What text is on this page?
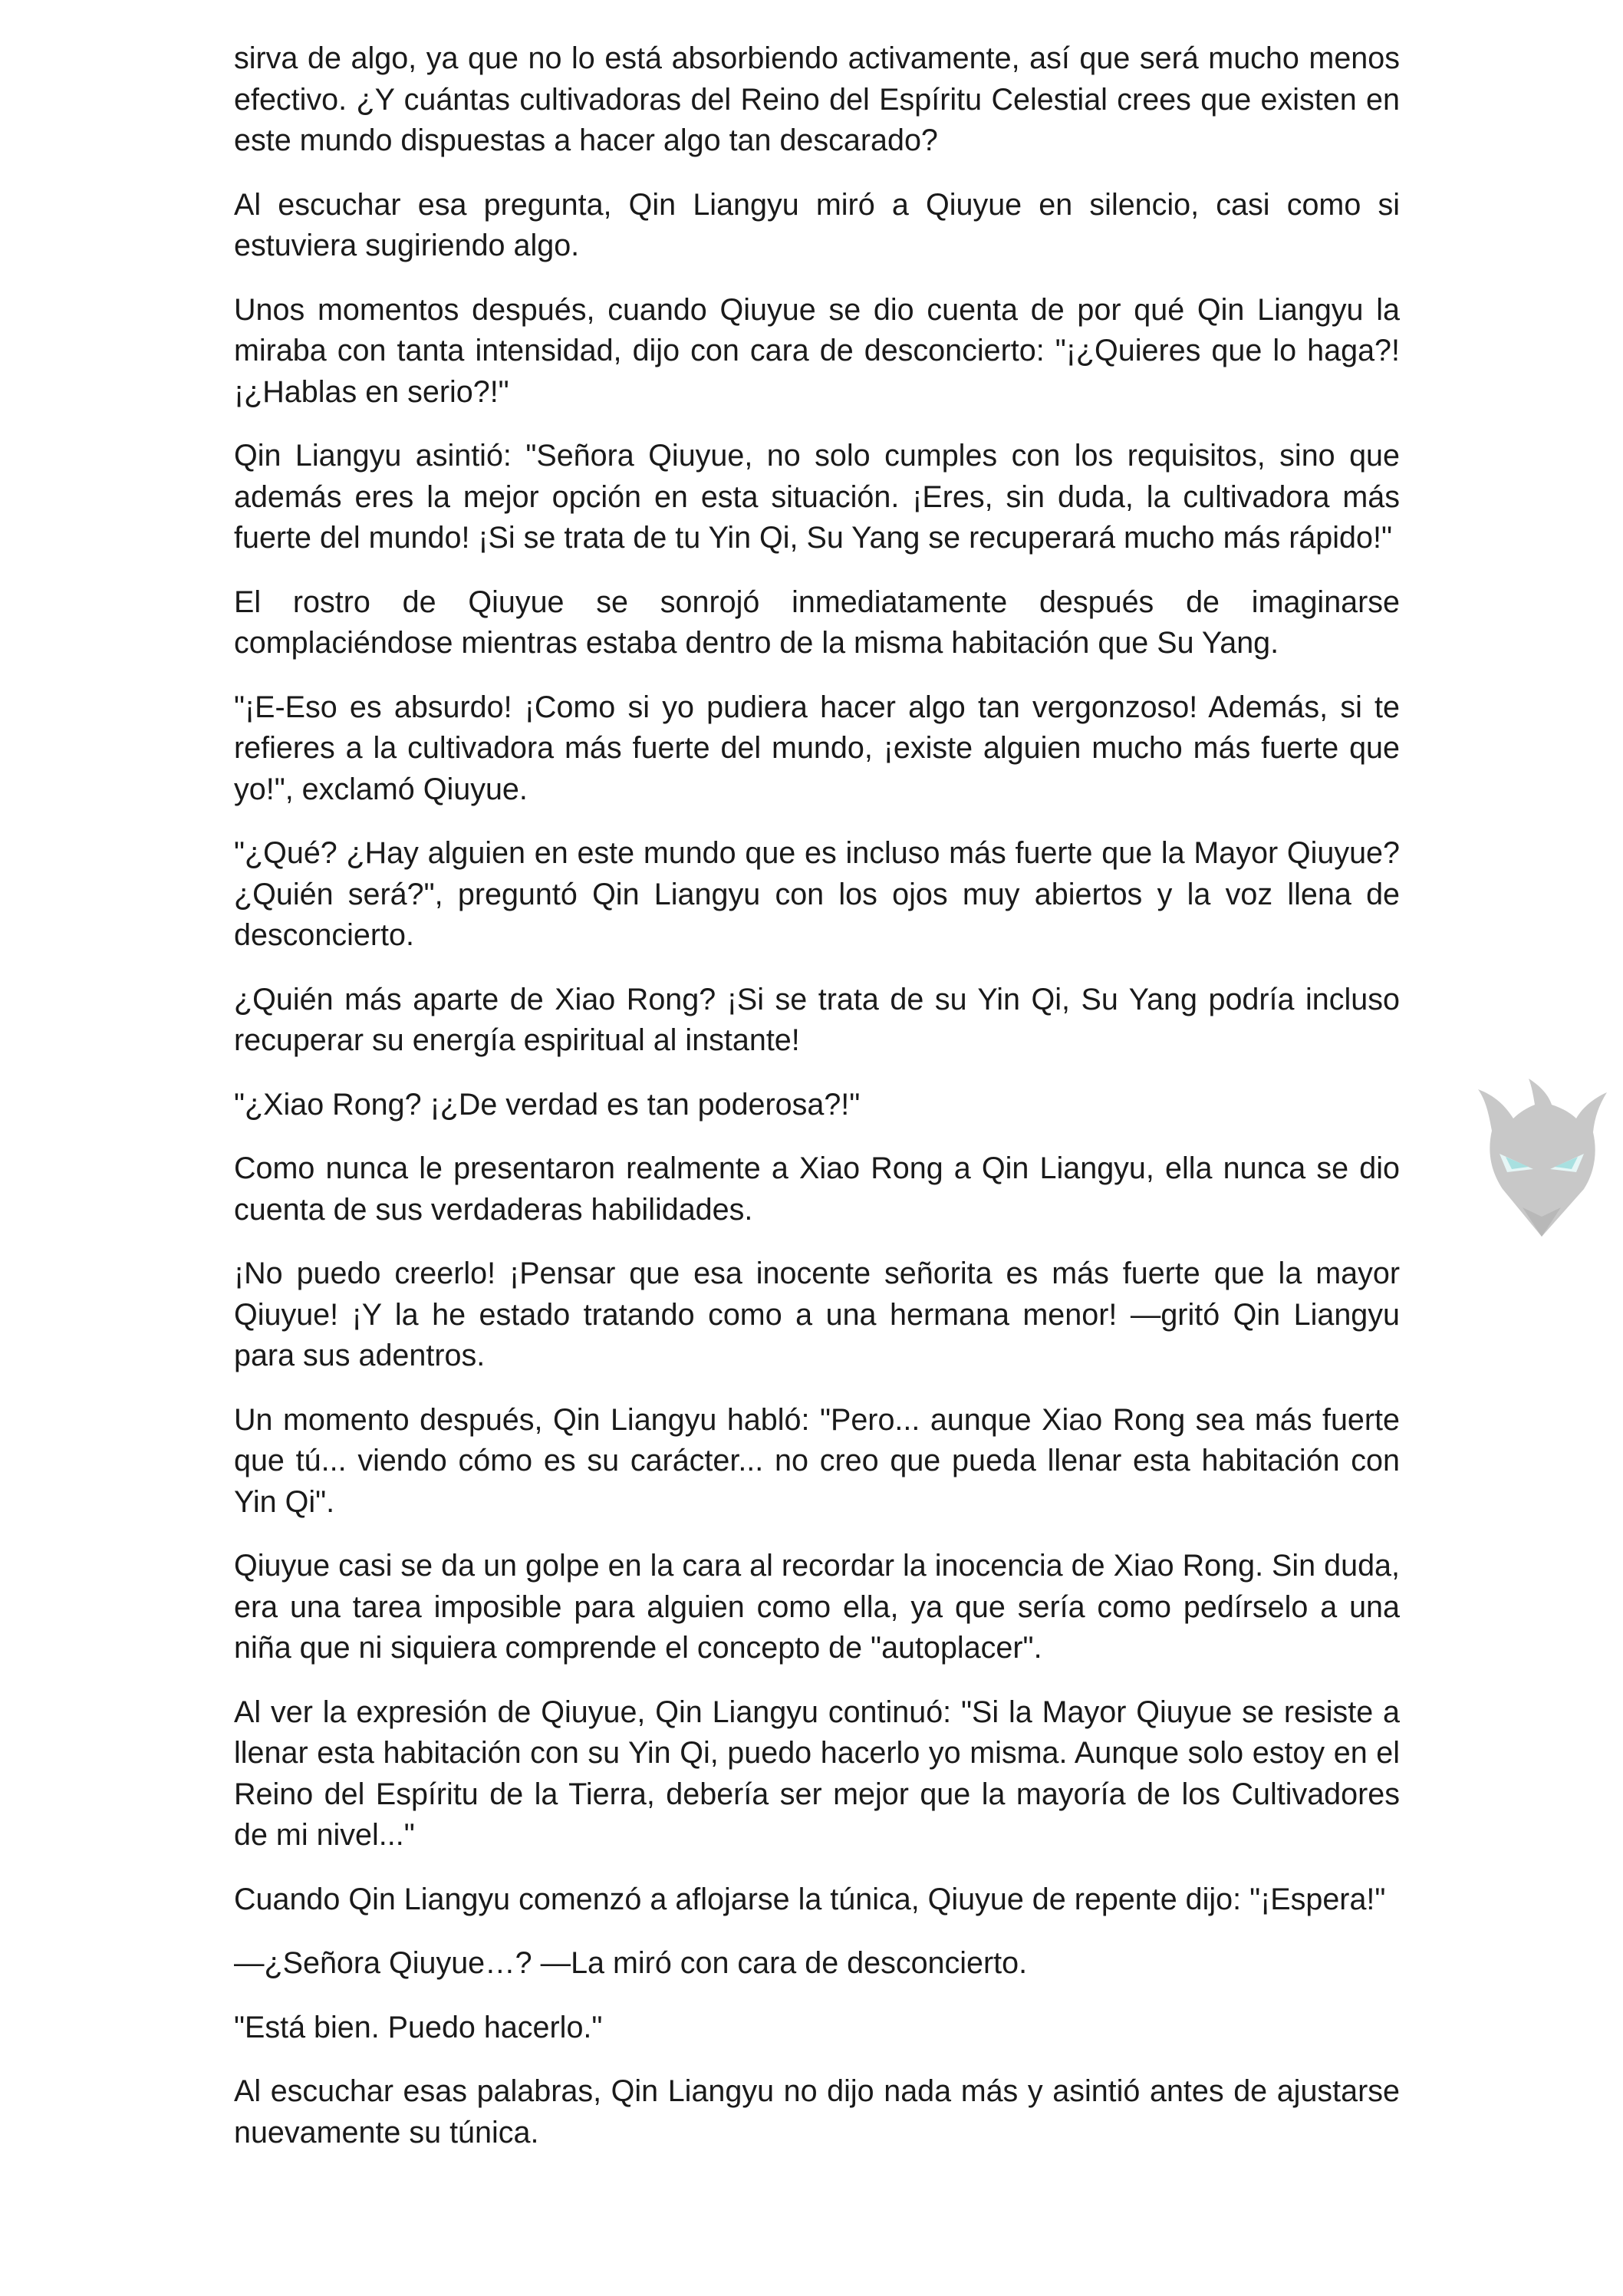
sirva de algo, ya que no lo está absorbiendo activamente, así que será mucho menos efectivo. ¿Y cuántas cultivadoras del Reino del Espíritu Celestial crees que existen en este mundo dispuestas a hacer algo tan descarado?

Al escuchar esa pregunta, Qin Liangyu miró a Qiuyue en silencio, casi como si estuviera sugiriendo algo.

Unos momentos después, cuando Qiuyue se dio cuenta de por qué Qin Liangyu la miraba con tanta intensidad, dijo con cara de desconcierto: "¡¿Quieres que lo haga?! ¡¿Hablas en serio?!"

Qin Liangyu asintió: "Señora Qiuyue, no solo cumples con los requisitos, sino que además eres la mejor opción en esta situación. ¡Eres, sin duda, la cultivadora más fuerte del mundo! ¡Si se trata de tu Yin Qi, Su Yang se recuperará mucho más rápido!"

El rostro de Qiuyue se sonrojó inmediatamente después de imaginarse complaciéndose mientras estaba dentro de la misma habitación que Su Yang.

"¡E-Eso es absurdo! ¡Como si yo pudiera hacer algo tan vergonzoso! Además, si te refieres a la cultivadora más fuerte del mundo, ¡existe alguien mucho más fuerte que yo!", exclamó Qiuyue.

"¿Qué? ¿Hay alguien en este mundo que es incluso más fuerte que la Mayor Qiuyue? ¿Quién será?", preguntó Qin Liangyu con los ojos muy abiertos y la voz llena de desconcierto.

¿Quién más aparte de Xiao Rong? ¡Si se trata de su Yin Qi, Su Yang podría incluso recuperar su energía espiritual al instante!

"¿Xiao Rong? ¡¿De verdad es tan poderosa?!"

Como nunca le presentaron realmente a Xiao Rong a Qin Liangyu, ella nunca se dio cuenta de sus verdaderas habilidades.

¡No puedo creerlo! ¡Pensar que esa inocente señorita es más fuerte que la mayor Qiuyue! ¡Y la he estado tratando como a una hermana menor! —gritó Qin Liangyu para sus adentros.

Un momento después, Qin Liangyu habló: "Pero... aunque Xiao Rong sea más fuerte que tú... viendo cómo es su carácter... no creo que pueda llenar esta habitación con Yin Qi".

Qiuyue casi se da un golpe en la cara al recordar la inocencia de Xiao Rong. Sin duda, era una tarea imposible para alguien como ella, ya que sería como pedírselo a una niña que ni siquiera comprende el concepto de "autoplacer".

Al ver la expresión de Qiuyue, Qin Liangyu continuó: "Si la Mayor Qiuyue se resiste a llenar esta habitación con su Yin Qi, puedo hacerlo yo misma. Aunque solo estoy en el Reino del Espíritu de la Tierra, debería ser mejor que la mayoría de los Cultivadores de mi nivel..."

Cuando Qin Liangyu comenzó a aflojarse la túnica, Qiuyue de repente dijo: "¡Espera!"

—¿Señora Qiuyue…? —La miró con cara de desconcierto.

"Está bien. Puedo hacerlo."

Al escuchar esas palabras, Qin Liangyu no dijo nada más y asintió antes de ajustarse nuevamente su túnica.
